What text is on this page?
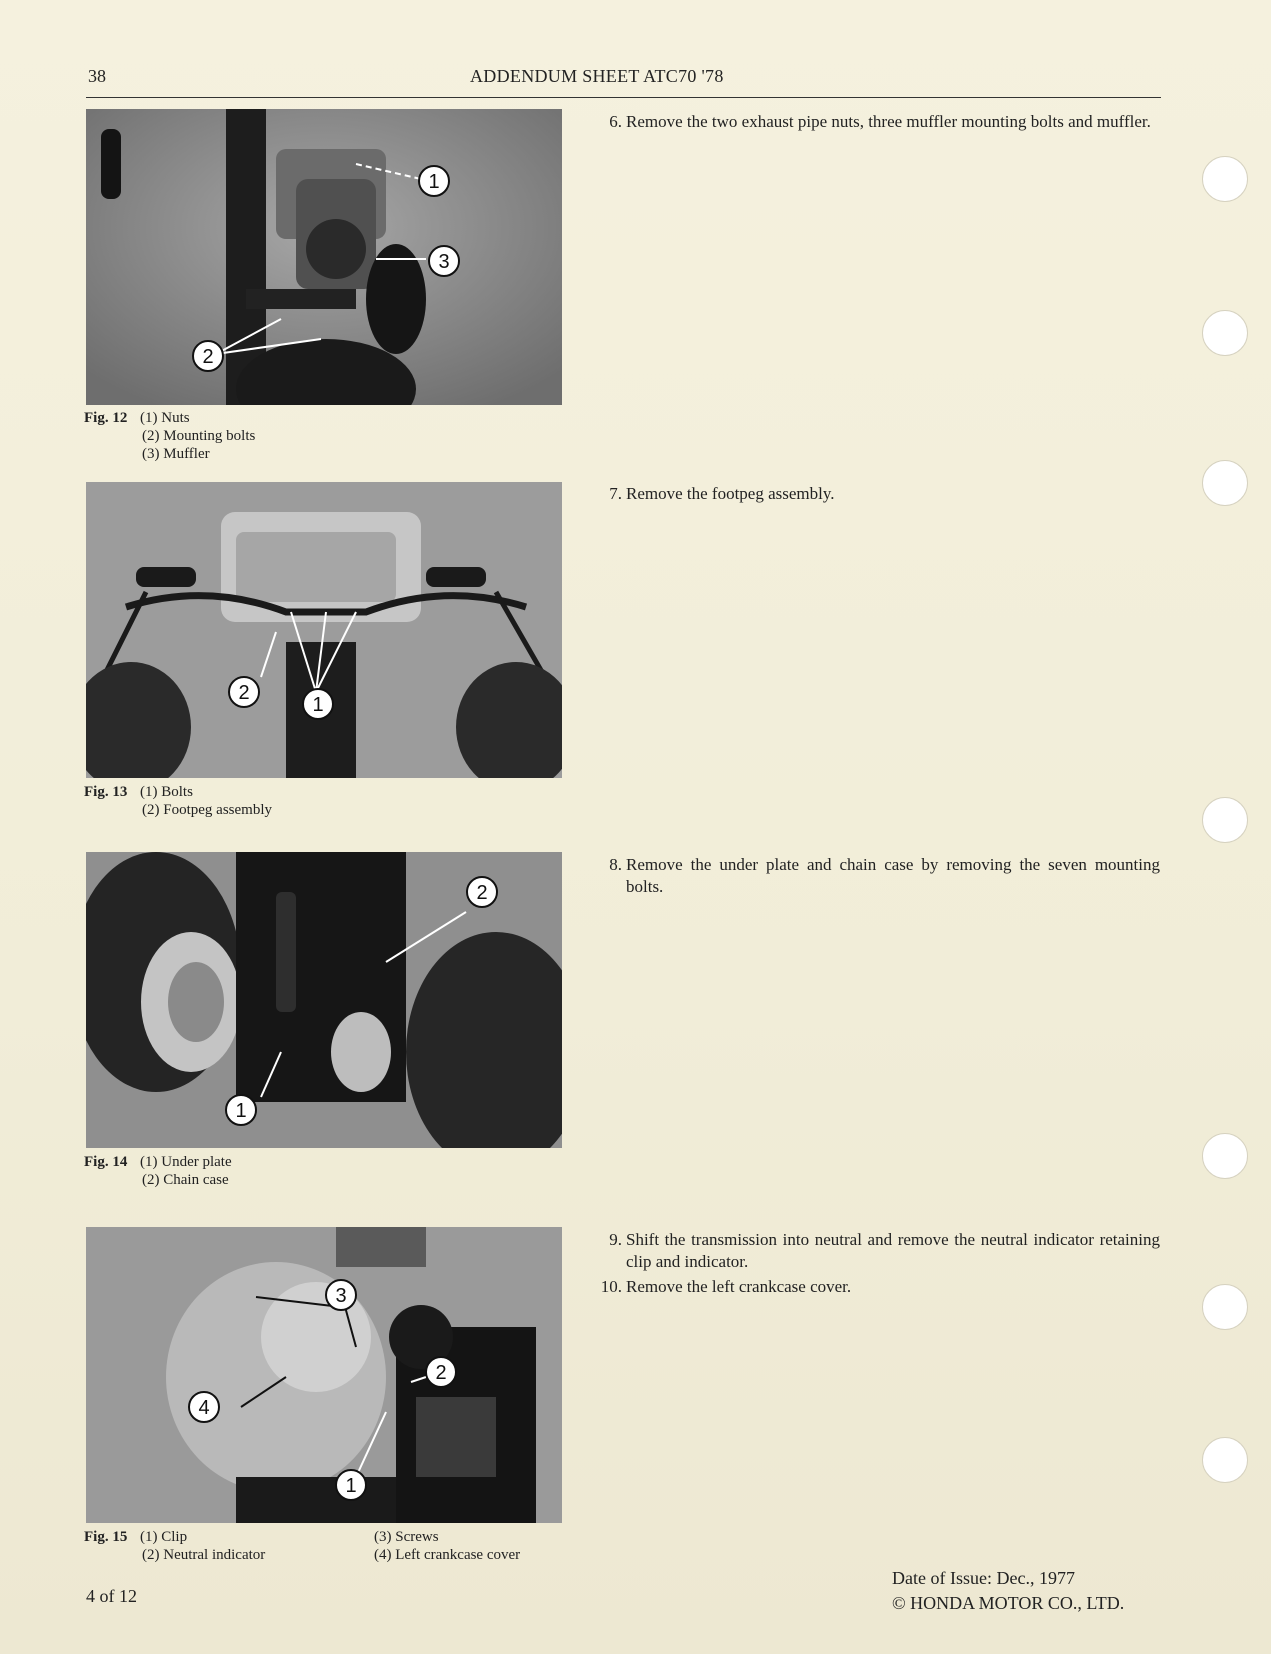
38	ADDENDUM SHEET ATC70 '78
1
3
2
Fig. 12 (1) Nuts
(2) Mounting bolts
(3) Muffler
2
1
Fig. 13 (1) Bolts
(2) Footpeg assembly
2
1
Fig. 14 (1) Under plate
(2) Chain case
3
2
4
1
Fig. 15 (1) Clip
(2) Neutral indicator
(3) Screws
(4) Left crankcase cover
6. Remove the two exhaust pipe nuts, three muffler mounting bolts and muffler.
7. Remove the footpeg assembly.
8. Remove the under plate and chain case by removing the seven mounting bolts.
9. Shift the transmission into neutral and remove the neutral indicator retaining clip and indicator.
10. Remove the left crankcase cover.
4 of 12
Date of Issue: Dec., 1977
© HONDA MOTOR CO., LTD.
